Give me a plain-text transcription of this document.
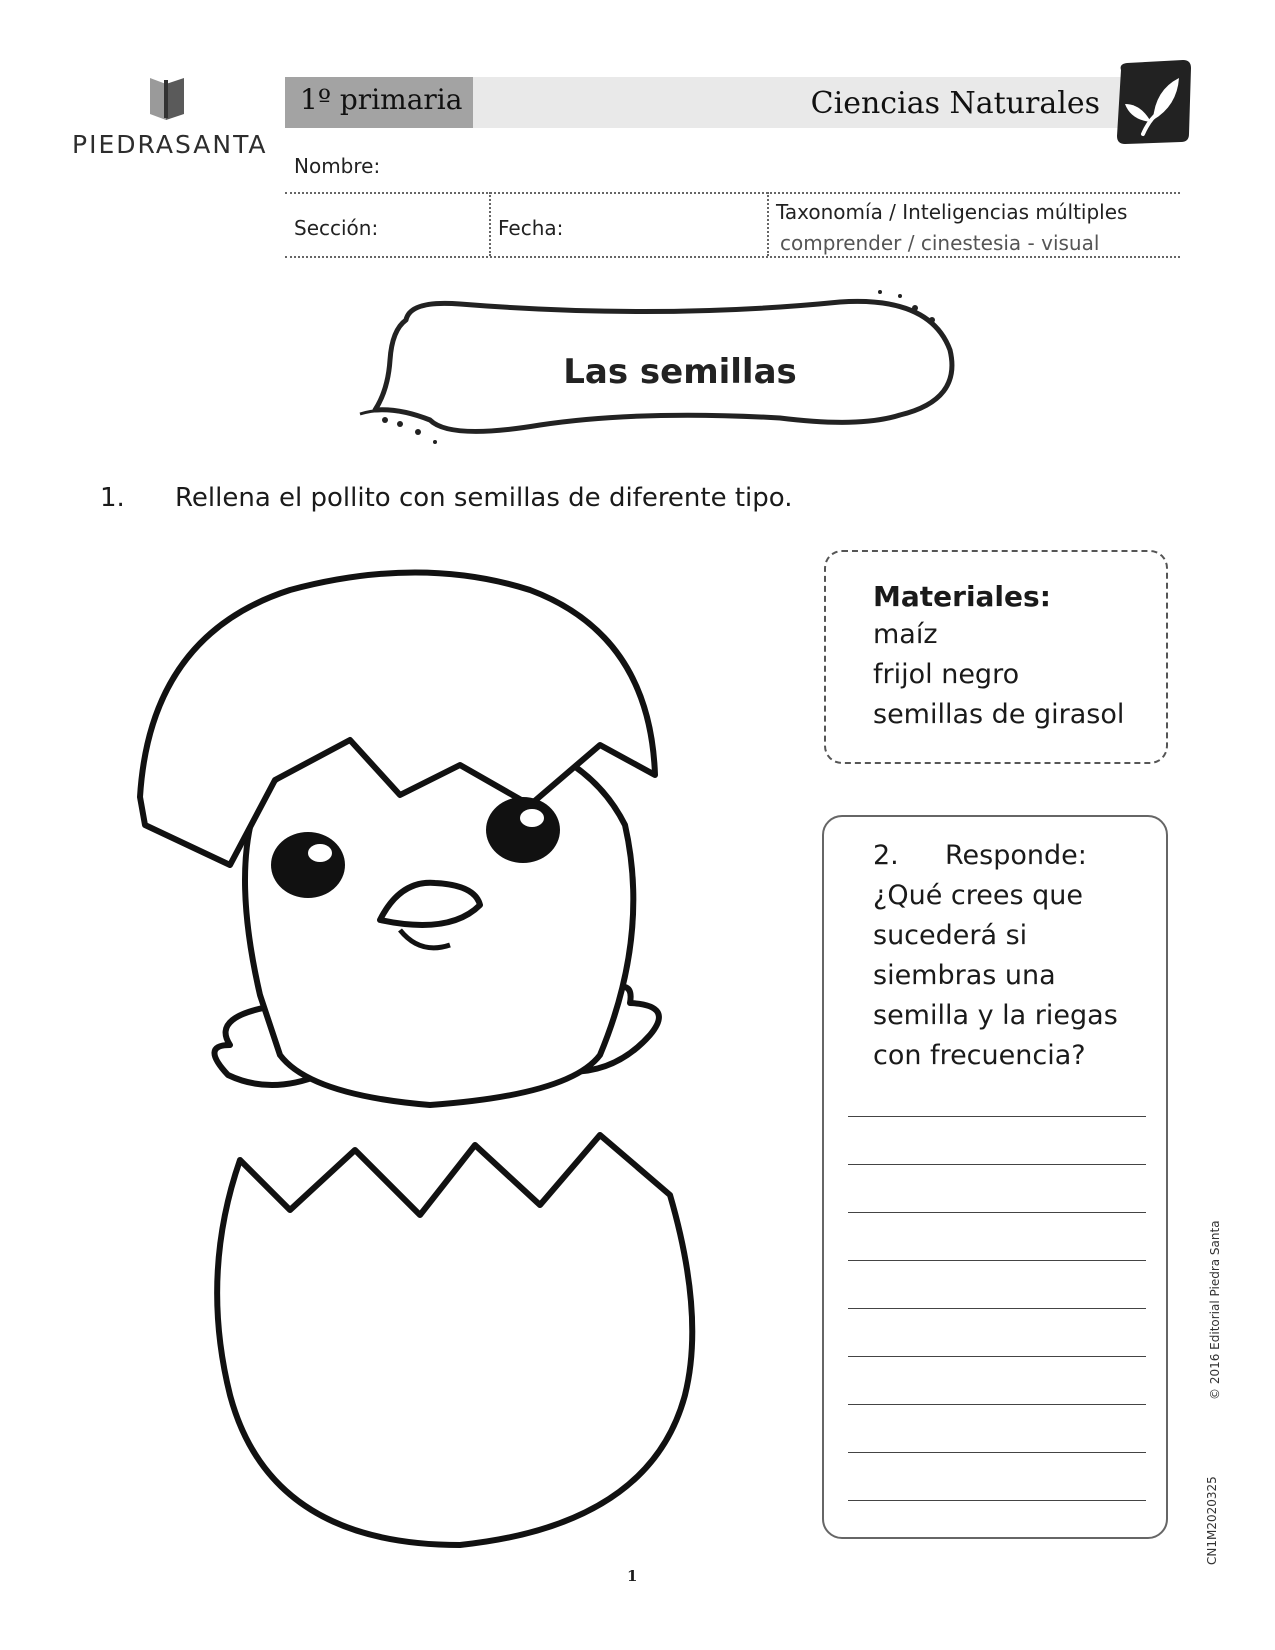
PIEDRASANTA
1º primaria	Ciencias Naturales
Nombre:
Sección:	Fecha:
Taxonomía / Inteligencias múltiples
comprender / cinestesia - visual
Las semillas
1. Rellena el pollito con semillas de diferente tipo.
Materiales:
maíz
frijol negro
semillas de girasol
2. Responde:
¿Qué crees que
sucederá si
siembras una
semilla y la riegas
con frecuencia?
© 2016 Editorial Piedra Santa
CN1M2020325
1
